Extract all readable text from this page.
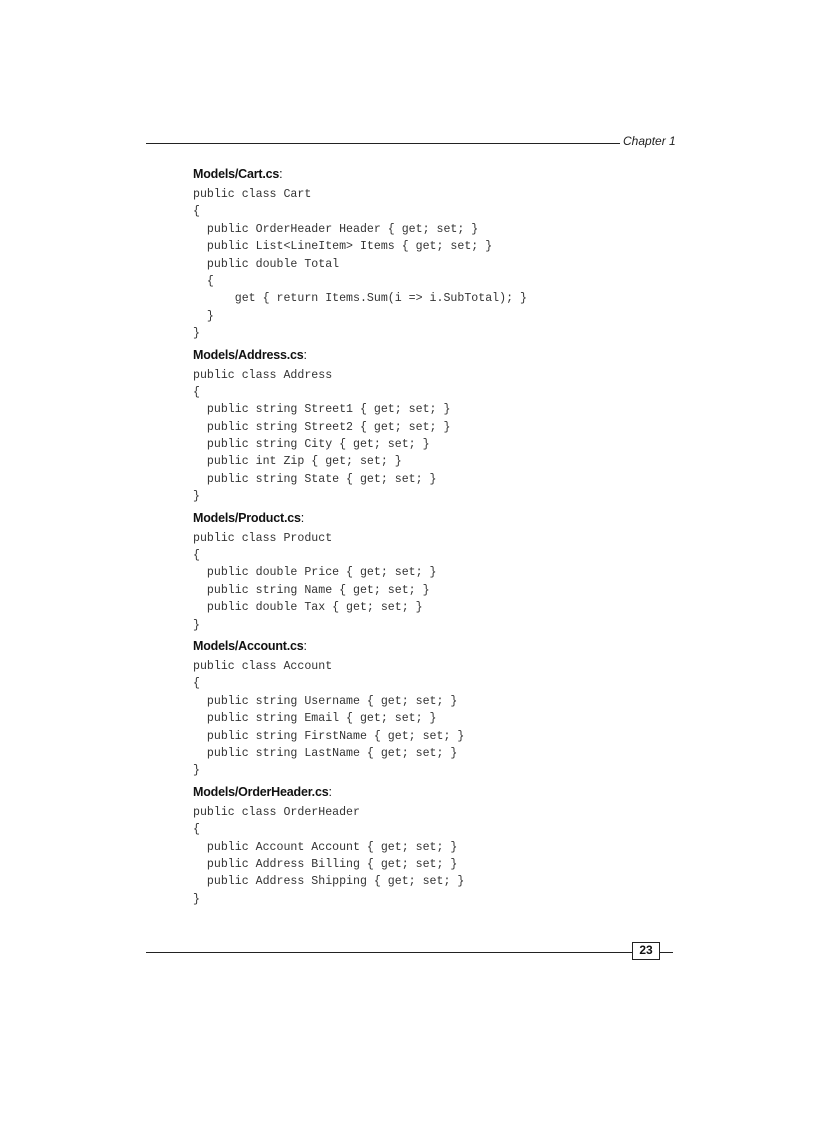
Chapter 1
Models/Cart.cs:
public class Cart
{
public OrderHeader Header { get; set; }
public List<LineItem> Items { get; set; }
public double Total
{
get { return Items.Sum(i => i.SubTotal); }
}
}
Models/Address.cs:
public class Address
{
public string Street1 { get; set; }
public string Street2 { get; set; }
public string City { get; set; }
public int Zip { get; set; }
public string State { get; set; }
}
Models/Product.cs:
public class Product
{
public double Price { get; set; }
public string Name { get; set; }
public double Tax { get; set; }
}
Models/Account.cs:
public class Account
{
public string Username { get; set; }
public string Email { get; set; }
public string FirstName { get; set; }
public string LastName { get; set; }
}
Models/OrderHeader.cs:
public class OrderHeader
{
public Account Account { get; set; }
public Address Billing { get; set; }
public Address Shipping { get; set; }
}
23
